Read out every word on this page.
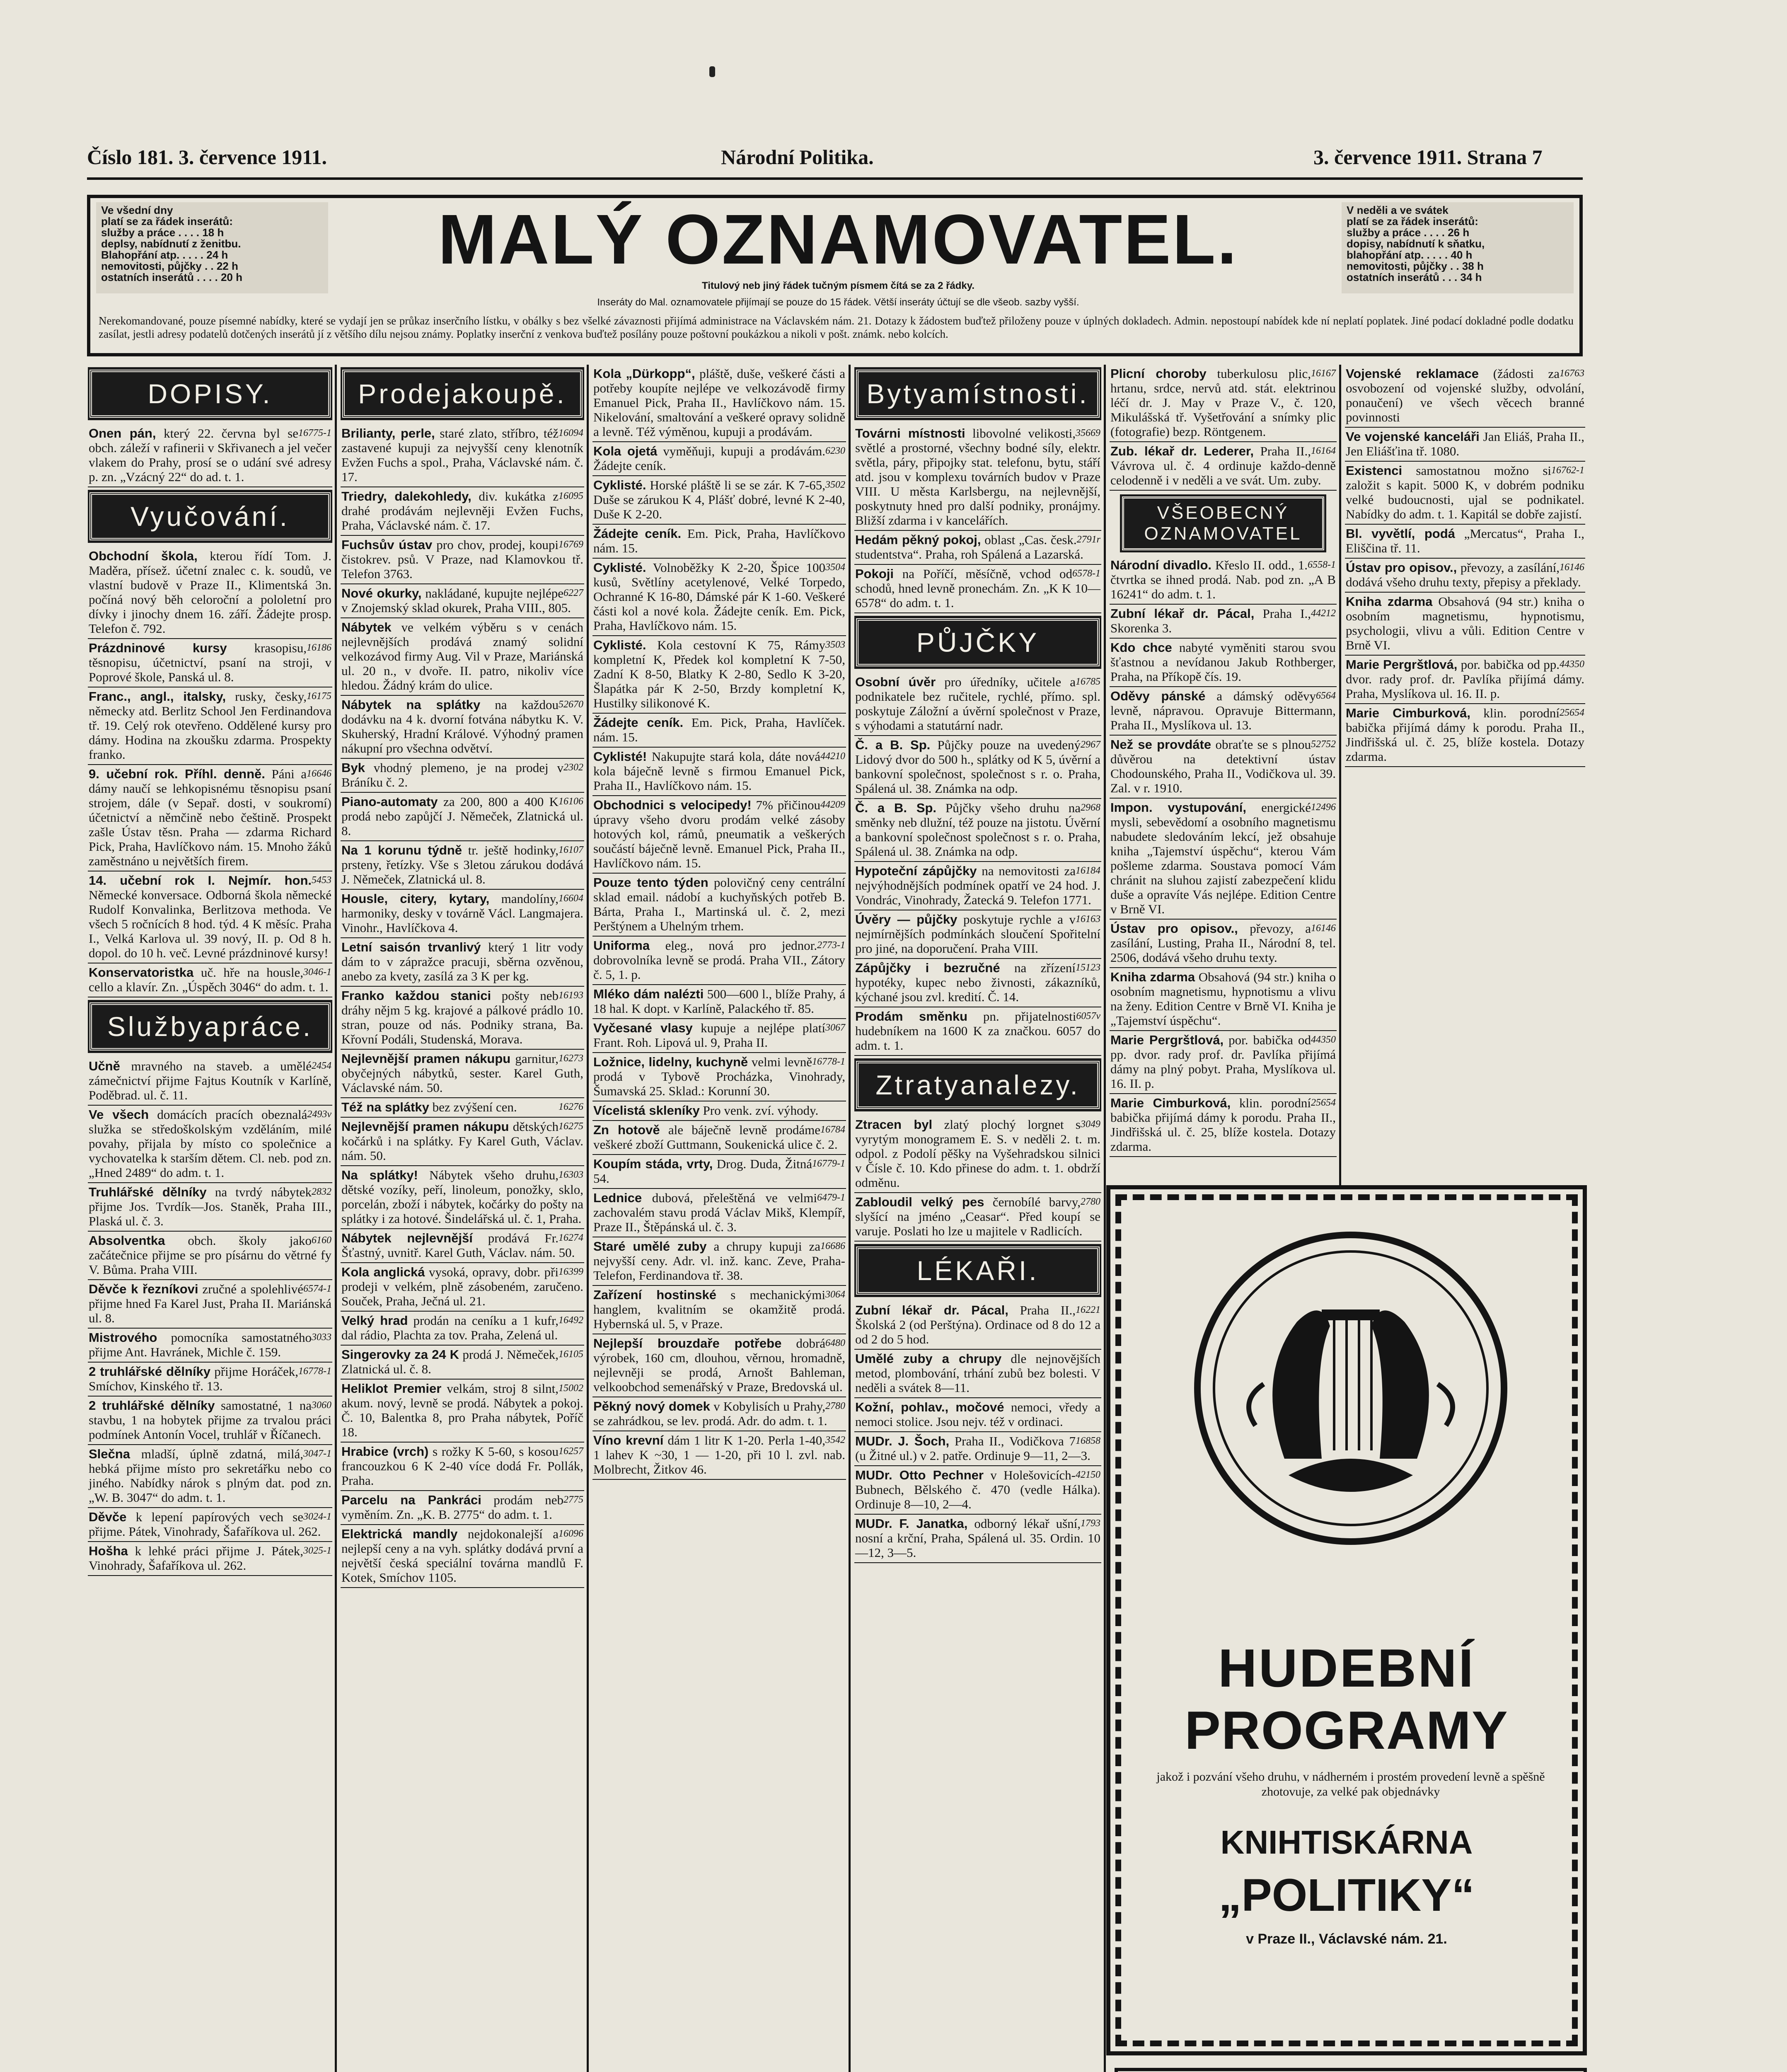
Číslo 181. 3. července 1911.	Národní Politika.	3. července 1911. Strana 7
Ve všední dny
platí se za řádek inserátů:
služby a práce . . . . 18 h
deplsy, nabídnutí z ženitbu.
Blahopřání atp. . . . . 24 h
nemovitosti, půjčky . . 22 h
ostatních inserátů . . . . 20 h	MALÝ OZNAMOVATEL.
Titulový neb jiný řádek tučným písmem čítá se za 2 řádky.
Inseráty do Mal. oznamovatele přijímají se pouze do 15 řádek. Větší inseráty účtují se dle všeob. sazby vyšší.
V neděli a ve svátek
platí se za řádek inserátů:
služby a práce . . . . 26 h
dopisy, nabídnutí k sňatku,
blahopřání atp. . . . . 40 h
nemovitosti, půjčky . . 38 h
ostatních inserátů . . . 34 h
Nerekomandované, pouze písemné nabídky, které se vydají jen se průkaz inserčního lístku, v obálky s bez všelké závaznosti přijímá administrace na Václavském nám. 21. Dotazy k žádostem buďtež přiloženy pouze v úplných dokladech. Admin. nepostoupí nabídek kde ní neplatí poplatek. Jiné podací dokladné podle dodatku zasílat, jestli adresy podatelů dotčených inserátů jí z většího dílu nejsou známy. Poplatky inserční z venkova buďtež posílány pouze poštovní poukázkou a nikoli v pošt. známk. nebo kolcích.
DOPISY.
16775-1
Onen pán, který 22. června byl se obch. záleží v rafinerii v Skřivanech a jel večer vlakem do Prahy, prosí se o udání své adresy p. zn. „Vzácný 22“ do ad. t. 1.
Vyučování.
Obchodní škola, kterou řídí Tom. J. Maděra, přísež. účetní znalec c. k. soudů, ve vlastní budově v Praze II., Klimentská 3n. počíná nový běh celoroční a pololetní pro dívky i jinochy dnem 16. září. Žádejte prosp. Telefon č. 792.
16186
Prázdninové kursy krasopisu, těsnopisu, účetnictví, psaní na stroji, v Poprové škole, Panská ul. 8.
16175
Franc., angl., italsky, rusky, česky, německy atd. Berlitz School Jen Ferdinandova tř. 19. Celý rok otevřeno. Oddělené kursy pro dámy. Hodina na zkoušku zdarma. Prospekty franko.
16646
9. učební rok. Příhl. denně. Páni a dámy naučí se lehkopisnému těsnopisu psaní strojem, dále (v Sepař. dosti, v soukromí) účetnictví a němčině nebo češtině. Prospekt zašle Ústav těsn. Praha — zdarma Richard Pick, Praha, Havlíčkovo nám. 15. Mnoho žáků zaměstnáno u největších firem.
5453
14. učební rok I. Nejmír. hon. Německé konversace. Odborná škola německé Rudolf Konvalinka, Berlitzova methoda. Ve všech 5 ročnících 8 hod. týd. 4 K měsíc. Praha I., Velká Karlova ul. 39 nový, II. p. Od 8 h. dopol. do 10 h. več. Levné prázdninové kursy!
3046-1
Konservatoristka uč. hře na housle, cello a klavír. Zn. „Úspěch 3046“ do adm. t. 1.
Službyapráce.
2454
Učně mravného na staveb. a umělé zámečnictví přijme Fajtus Koutník v Karlíně, Poděbrad. ul. č. 11.
2493v
Ve všech domácích pracích obeznalá služka se středoškolským vzděláním, milé povahy, přijala by místo co společnice a vychovatelka k starším dětem. Cl. neb. pod zn. „Hned 2489“ do adm. t. 1.
2832
Truhlářské dělníky na tvrdý nábytek přijme Jos. Tvrdík—Jos. Staněk, Praha III., Plaská ul. č. 3.
6160
Absolventka obch. školy jako začátečnice přijme se pro písárnu do větrné fy V. Bůma. Praha VIII.
6574-1
Děvče k řezníkovi zručné a spolehlivé přijme hned Fa Karel Just, Praha II. Mariánská ul. 8.
3033
Mistrového pomocníka samostatného přijme Ant. Havránek, Michle č. 159.
16778-1
2 truhlářské dělníky přijme Horáček, Smíchov, Kinského tř. 13.
3060
2 truhlářské dělníky samostatné, 1 na stavbu, 1 na hobytek přijme za trvalou práci podmínek Antonín Vocel, truhlář v Říčanech.
3047-1
Slečna mladší, úplně zdatná, milá, hebká přijme místo pro sekretářku nebo co jiného. Nabídky nárok s plným dat. pod zn. „W. B. 3047“ do adm. t. 1.
3024-1
Děvče k lepení papírových vech se přijme. Pátek, Vinohrady, Šafaříkova ul. 262.
3025-1
Hošha k lehké práci přijme J. Pátek, Vinohrady, Šafaříkova ul. 262.
Prodejakoupě.
16094
Brilianty, perle, staré zlato, stříbro, též zastavené kupuji za nejvyšší ceny klenotník Evžen Fuchs a spol., Praha, Václavské nám. č. 17.
16095
Triedry, dalekohledy, div. kukátka z drahé prodávám nejlevněji Evžen Fuchs, Praha, Václavské nám. č. 17.
16769
Fuchsův ústav pro chov, prodej, koupi čistokrev. psů. V Praze, nad Klamovkou tř. Telefon 3763.
6227
Nové okurky, nakládané, kupujte nejlépe v Znojemský sklad okurek, Praha VIII., 805.
Nábytek ve velkém výběru s v cenách nejlevnějších prodává znamý solidní velkozávod firmy Aug. Vil v Praze, Mariánská ul. 20 n., v dvoře. II. patro, nikoliv více hledou. Žádný krám do ulice.
52670
Nábytek na splátky na každou dodávku na 4 k. dvorní fotvána nábytku K. V. Skuherský, Hradní Králové. Výhodný pramen nákupní pro všechna odvětví.
2302
Byk vhodný plemeno, je na prodej v Bráníku č. 2.
16106
Piano-automaty za 200, 800 a 400 K prodá nebo zapůjčí J. Němeček, Zlatnická ul. 8.
16107
Na 1 korunu týdně tr. ještě hodinky, prsteny, řetízky. Vše s 3letou zárukou dodává J. Němeček, Zlatnická ul. 8.
16604
Housle, citery, kytary, mandolíny, harmoniky, desky v továrně Václ. Langmajera. Vinohr., Havlíčkova 4.
Letní saisón trvanlivý který 1 litr vody dám to v zápražce pracuji, sběrna ozvěnou, anebo za kvety, zasílá za 3 K per kg.
16193
Franko každou stanici pošty neb dráhy nějm 5 kg. krajové a pálkové prádlo 10. stran, pouze od nás. Podniky strana, Ba. Křovní Podáli, Studenská, Morava.
16273
Nejlevnější pramen nákupu garnitur, obyčejných nábytků, sester. Karel Guth, Václavské nám. 50.
16276
Též na splátky bez zvýšení cen.
16275
Nejlevnější pramen nákupu dětských kočárků i na splátky. Fy Karel Guth, Václav. nám. 50.
16303
Na splátky! Nábytek všeho druhu, dětské vozíky, peří, linoleum, ponožky, sklo, porcelán, zboží i nábytek, kočárky do pošty na splátky i za hotové. Šindelářská ul. č. 1, Praha.
16274
Nábytek nejlevnější prodává Fr. Šťastný, uvnitř. Karel Guth, Václav. nám. 50.
16399
Kola anglická vysoká, opravy, dobr. při prodeji v velkém, plně zásobeném, zaručeno. Souček, Praha, Ječná ul. 21.
16492
Velký hrad prodán na ceníku a 1 kufr, dal rádio, Plachta za tov. Praha, Zelená ul.
16105
Singerovky za 24 K prodá J. Němeček, Zlatnická ul. č. 8.
15002
Heliklot Premier velkám, stroj 8 silnt, akum. nový, levně se prodá. Nábytek a pokoj. Č. 10, Balentka 8, pro Praha nábytek, Poříč 18.
16257
Hrabice (vrch) s rožky K 5-60, s kosou francouzkou 6 K 2-40 více dodá Fr. Pollák, Praha.
2775
Parcelu na Pankráci prodám neb vyměním. Zn. „K. B. 2775“ do adm. t. 1.
16096
Elektrická mandly nejdokonalejší a nejlepší ceny a na vyh. splátky dodává první a největší česká speciální továrna mandlů F. Kotek, Smíchov 1105.
Kola „Dürkopp“, pláště, duše, veškeré části a potřeby koupíte nejlépe ve velkozávodě firmy Emanuel Pick, Praha II., Havlíčkovo nám. 15. Nikelování, smaltování a veškeré opravy solidně a levně. Též výměnou, kupuji a prodávám.
6230
Kola ojetá vyměňuji, kupuji a prodávám. Žádejte ceník.
3502
Cyklisté. Horské pláště li se se zár. K 7-65, Duše se zárukou K 4, Plášť dobré, levné K 2-40, Duše K 2-20.
Žádejte ceník. Em. Pick, Praha, Havlíčkovo nám. 15.
3504
Cyklisté. Volnoběžky K 2-20, Špice 100 kusů, Světlíny acetylenové, Velké Torpedo, Ochranné K 16-80, Dámské pár K 1-60. Veškeré části kol a nové kola. Žádejte ceník. Em. Pick, Praha, Havlíčkovo nám. 15.
3503
Cyklisté. Kola cestovní K 75, Rámy kompletní K, Předek kol kompletní K 7-50, Zadní K 8-50, Blatky K 2-80, Sedlo K 3-20, Šlapátka pár K 2-50, Brzdy kompletní K, Hustilky silikonové K.
Žádejte ceník. Em. Pick, Praha, Havlíček. nám. 15.
44210
Cyklisté! Nakupujte stará kola, dáte nová kola báječně levně s firmou Emanuel Pick, Praha II., Havlíčkovo nám. 15.
44209
Obchodnici s velocipedy! 7% přičinou úpravy všeho dvoru prodám velké zásoby hotových kol, rámů, pneumatik a veškerých součástí báječně levně. Emanuel Pick, Praha II., Havlíčkovo nám. 15.
Pouze tento týden polovičný ceny centrální sklad email. nádobí a kuchyňských potřeb B. Bárta, Praha I., Martinská ul. č. 2, mezi Perštýnem a Uhelným trhem.
2773-1
Uniforma eleg., nová pro jednor. dobrovolníka levně se prodá. Praha VII., Zátory č. 5, 1. p.
Mléko dám nalézti 500—600 l., blíže Prahy, á 18 hal. K dopt. v Karlíně, Palackého tř. 85.
3067
Vyčesané vlasy kupuje a nejlépe platí Frant. Roh. Lipová ul. 9, Praha II.
16778-1
Ložnice, lidelny, kuchyně velmi levně prodá v Tybově Procházka, Vinohrady, Šumavská 25. Sklad.: Korunní 30.
Vícelistá skleníky Pro venk. zví. výhody.
16784
Zn hotově ale báječně levně prodáme veškeré zboží Guttmann, Soukenická ulice č. 2.
16779-1
Koupím stáda, vrty, Drog. Duda, Žitná 54.
6479-1
Lednice dubová, přeleštěná ve velmi zachovalém stavu prodá Václav Mikš, Klempíř, Praze II., Štěpánská ul. č. 3.
16686
Staré umělé zuby a chrupy kupuji za nejvyšší ceny. Adr. vl. inž. kanc. Zeve, Praha-Telefon, Ferdinandova tř. 38.
3064
Zařízení hostinské s mechanickými hanglem, kvalitním se okamžitě prodá. Hybernská ul. 5, v Praze.
6480
Nejlepší brouzdaře potřebe dobrá výrobek, 160 cm, dlouhou, věrnou, hromadně, nejlevněji se prodá, Arnošt Bahleman, velkoobchod semenářský v Praze, Bredovská ul.
2780
Pěkný nový domek v Kobylisích u Prahy, se zahrádkou, se lev. prodá. Adr. do adm. t. 1.
3542
Víno krevní dám 1 litr K 1-20. Perla 1-40, 1 lahev K ~30, 1 — 1-20, při 10 l. zvl. nab. Molbrecht, Žitkov 46.
Bytyamístnosti.
35669
Továrni místnosti libovolné velikosti, světlé a prostorné, všechny bodné síly, elektr. světla, páry, připojky stat. telefonu, bytu, stáří atd. jsou v komplexu továrních budov v Praze VIII. U města Karlsbergu, na nejlevnější, poskytnuty hned pro další podniky, pronájmy. Bližší zdarma i v kancelářích.
2791r
Hedám pěkný pokoj, oblast „Cas. česk. studentstva“. Praha, roh Spálená a Lazarská.
6578-1
Pokoji na Poříčí, měsíčně, vchod od schodů, hned levně pronechám. Zn. „K K 10—6578“ do adm. t. 1.
PŮJČKY
16785
Osobní úvěr pro úředníky, učitele a podnikatele bez ručitele, rychlé, přímo. spl. poskytuje Záložní a úvěrní společnost v Praze, s výhodami a statutární nadr.
2967
Č. a B. Sp. Půjčky pouze na uvedený Lidový dvor do 500 h., splátky od K 5, úvěrní a bankovní společnost, společnost s r. o. Praha, Spálená ul. 38. Známka na odp.
2968
Č. a B. Sp. Půjčky všeho druhu na směnky neb dlužní, též pouze na jistotu. Úvěrní a bankovní společnost společnost s r. o. Praha, Spálená ul. 38. Známka na odp.
16184
Hypoteční zápůjčky na nemovitosti za nejvýhodnějších podmínek opatří ve 24 hod. J. Vondrác, Vinohrady, Žatecká 9. Telefon 1771.
16163
Úvěry — půjčky poskytuje rychle a v nejmírnějších podmínkách sloučení Spořitelní pro jiné, na doporučení. Praha VIII.
15123
Zápůjčky i bezručné na zřízení hypotéky, kupec nebo živnosti, zákazníků, kýchané jsou zvl. kredití. Č. 14.
6057v
Prodám směnku pn. přijatelnosti hudebníkem na 1600 K za značkou. 6057 do adm. t. 1.
Ztratyanalezy.
3049
Ztracen byl zlatý plochý lorgnet s vyrytým monogramem E. S. v neděli 2. t. m. odpol. z Podolí pěšky na Vyšehradskou silnici v Čísle č. 10. Kdo přinese do adm. t. 1. obdrží odměnu.
2780
Zabloudil velký pes černobílé barvy, slyšící na jméno „Ceasar“. Před koupí se varuje. Poslati ho lze u majitele v Radlicích.
LÉKAŘI.
16221
Zubní lékař dr. Pácal, Praha II., Školská 2 (od Perštýna). Ordinace od 8 do 12 a od 2 do 5 hod.
Umělé zuby a chrupy dle nejnovějších metod, plombování, trhání zubů bez bolesti. V neděli a svátek 8—11.
Kožní, pohlav., močové nemoci, vředy a nemoci stolice. Jsou nejv. též v ordinaci.
16858
MUDr. J. Šoch, Praha II., Vodičkova 7 (u Žitné ul.) v 2. patře. Ordinuje 9—11, 2—3.
42150
MUDr. Otto Pechner v Holešovicích-Bubnech, Bělského č. 470 (vedle Hálka). Ordinuje 8—10, 2—4.
1793
MUDr. F. Janatka, odborný lékař ušní, nosní a krční, Praha, Spálená ul. 35. Ordin. 10—12, 3—5.
16167
Plicní choroby tuberkulosu plic, hrtanu, srdce, nervů atd. stát. elektrinou léčí dr. J. May v Praze V., č. 120, Mikulášská tř. Vyšetřování a snímky plic (fotografie) bezp. Röntgenem.
16164
Zub. lékař dr. Lederer, Praha II., Vávrova ul. č. 4 ordinuje každo-denně celodenně i v neděli a ve svát. Um. zuby.
VŠEOBECNÝ OZNAMOVATEL
6558-1
Národní divadlo. Křeslo II. odd., 1. čtvrtka se ihned prodá. Nab. pod zn. „A B 16241“ do adm. t. 1.
44212
Zubní lékař dr. Pácal, Praha I., Skorenka 3.
Kdo chce nabyté vyměniti starou svou šťastnou a nevídanou Jakub Rothberger, Praha, na Příkopě čís. 19.
6564
Oděvy pánské a dámský oděvy levně, nápravou. Opravuje Bittermann, Praha II., Myslíkova ul. 13.
52752
Než se provdáte obraťte se s plnou důvěrou na detektivní ústav Chodounského, Praha II., Vodičkova ul. 39. Zal. v r. 1910.
12496
Impon. vystupování, energické mysli, sebevědomí a osobního magnetismu nabudete sledováním lekcí, jež obsahuje kniha „Tajemství úspěchu“, kterou Vám pošleme zdarma. Soustava pomocí Vám chránit na sluhou zajistí zabezpečení klidu duše a opravíte Vás nejlépe. Edition Centre v Brně VI.
16146
Ústav pro opisov., převozy, a zasílání, Lusting, Praha II., Národní 8, tel. 2506, dodává všeho druhu texty.
Kniha zdarma Obsahová (94 str.) kniha o osobním magnetismu, hypnotismu a vlivu na ženy. Edition Centre v Brně VI. Kniha je „Tajemství úspěchu“.
44350
Marie Pergrštlová, por. babička od pp. dvor. rady prof. dr. Pavlíka přijímá dámy na plný pobyt. Praha, Myslíkova ul. 16. II. p.
25654
Marie Cimburková, klin. porodní babička přijímá dámy k porodu. Praha II., Jindřišská ul. č. 25, blíže kostela. Dotazy zdarma.
16763
Vojenské reklamace (žádosti za osvobození od vojenské služby, odvolání, ponaučení) ve všech věcech branné povinnosti
Ve vojenské kanceláři Jan Eliáš, Praha II., Jen Eliášťina tř. 1080.
16762-1
Existenci samostatnou možno si založit s kapit. 5000 K, v dobrém podniku velké budoucnosti, ujal se podnikatel. Nabídky do adm. t. 1. Kapitál se dobře zajistí.
Bl. vyvětlí, podá „Mercatus“, Praha I., Eliščina tř. 11.
16146
Ústav pro opisov., převozy, a zasílání, dodává všeho druhu texty, přepisy a překlady.
Kniha zdarma Obsahová (94 str.) kniha o osobním magnetismu, hypnotismu, psychologii, vlivu a vůli. Edition Centre v Brně VI.
44350
Marie Pergrštlová, por. babička od pp. dvor. rady prof. dr. Pavlíka přijímá dámy. Praha, Myslíkova ul. 16. II. p.
25654
Marie Cimburková, klin. porodní babička přijímá dámy k porodu. Praha II., Jindřišská ul. č. 25, blíže kostela. Dotazy zdarma.
HUDEBNÍ
PROGRAMY
jakož i pozvání všeho druhu, v nádherném i prostém provedení levně a spěšně zhotovuje, za velké pak objednávky
KNIHTISKÁRNA
„POLITIKY“
v Praze II., Václavské nám. 21.
